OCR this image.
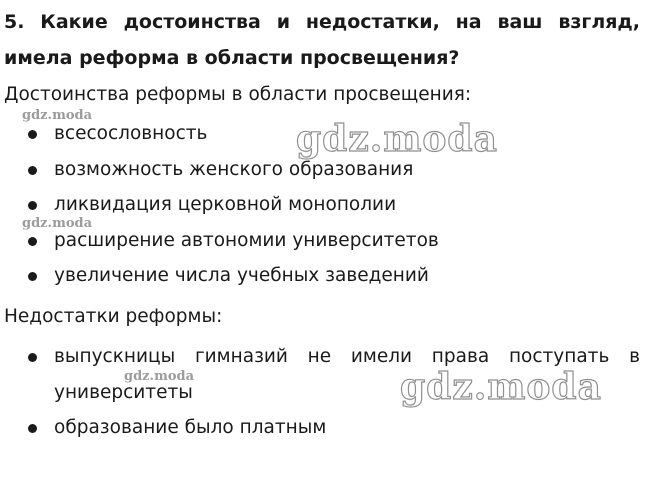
5. Какие достоинства и недостатки, на ваш взгляд, имела реформа в области просвещения?
Достоинства реформы в области просвещения:
всесословность
возможность женского образования
ликвидация церковной монополии
расширение автономии университетов
увеличение числа учебных заведений
Недостатки реформы:
выпускницы гимназий не имели права поступать в
университеты
образование было платным
gdz.moda
gdz.moda
gdz.moda
gdz.moda
gdz.moda
